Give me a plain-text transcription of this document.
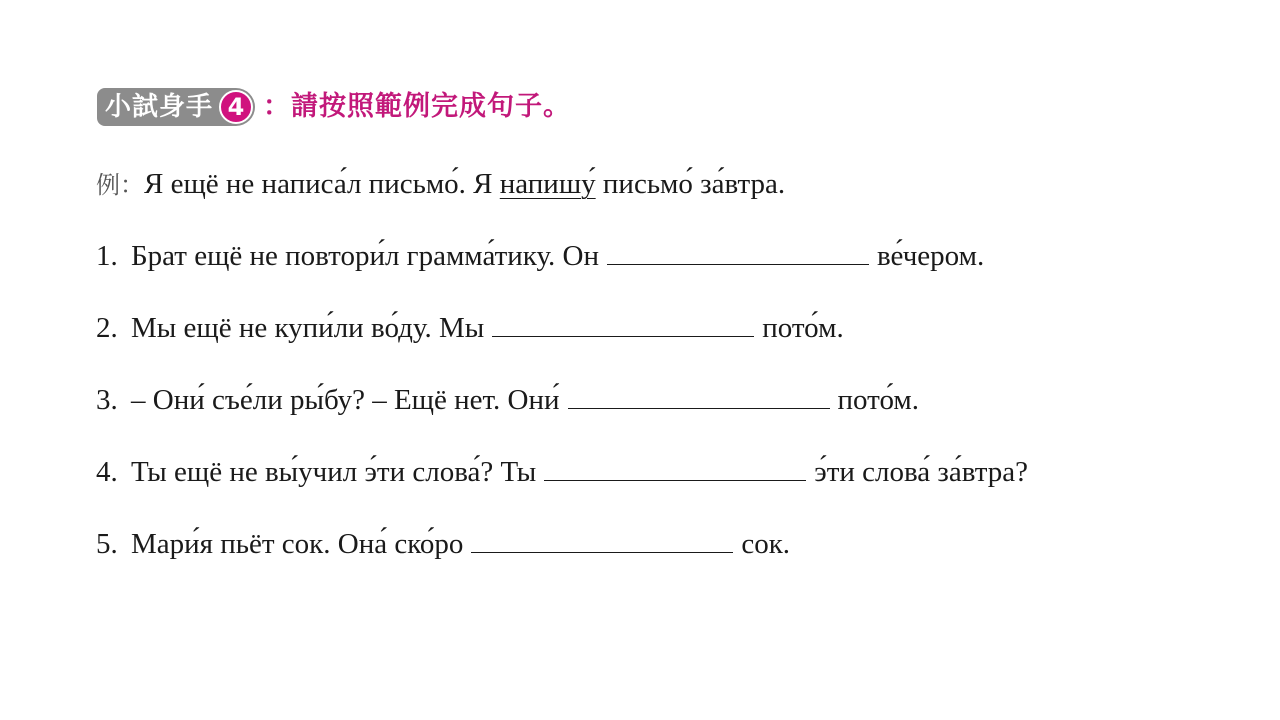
小試身手 4 ：請按照範例完成句子。
例：Я ещё не написа́л письмо́. Я напишу́ письмо́ за́втра.
1. Брат ещё не повтори́л грамма́тику. Он	ве́чером.
2. Мы ещё не купи́ли во́ду. Мы	пото́м.
3. – Они́ съе́ли ры́бу? – Ещё нет. Они́	пото́м.
4. Ты ещё не вы́учил э́ти слова́? Ты	э́ти слова́ за́втра?
5. Мари́я пьёт сок. Она́ ско́ро	сок.
